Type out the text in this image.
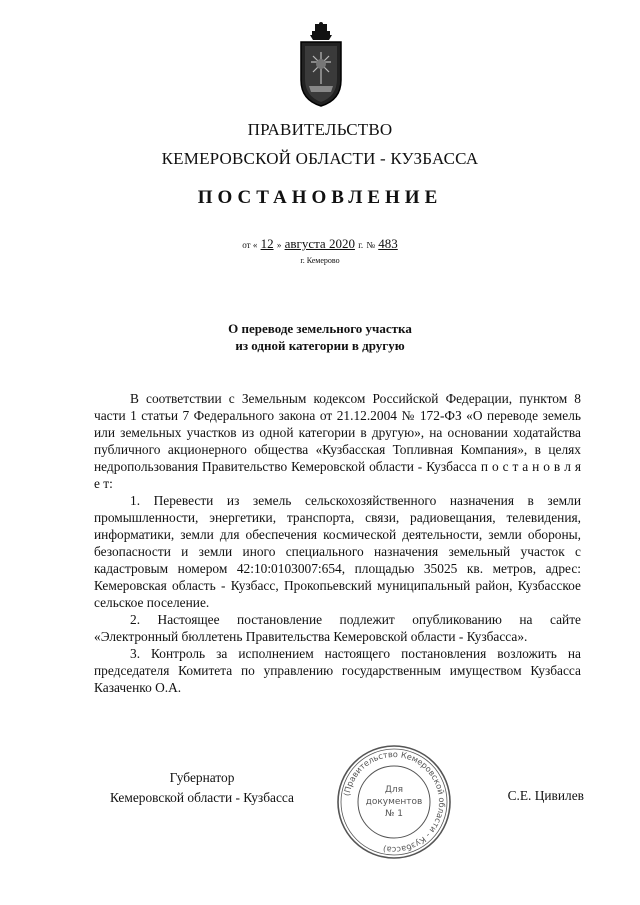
ПРАВИТЕЛЬСТВО
КЕМЕРОВСКОЙ ОБЛАСТИ - КУЗБАССА
ПОСТАНОВЛЕНИЕ
от « 12 » августа 2020 г. № 483
г. Кемерово
О переводе земельного участка
из одной категории в другую

В соответствии с Земельным кодексом Российской Федерации, пунктом 8 части 1 статьи 7 Федерального закона от 21.12.2004 № 172-ФЗ «О переводе земель или земельных участков из одной категории в другую», на основании ходатайства публичного акционерного общества «Кузбасская Топливная Компания», в целях недропользования Правительство Кемеровской области - Кузбасса п о с т а н о в л я е т:

1. Перевести из земель сельскохозяйственного назначения в земли промышленности, энергетики, транспорта, связи, радиовещания, телевидения, информатики, земли для обеспечения космической деятельности, земли обороны, безопасности и земли иного специального назначения земельный участок с кадастровым номером 42:10:0103007:654, площадью 35025 кв. метров, адрес: Кемеровская область - Кузбасс, Прокопьевский муниципальный район, Кузбасское сельское поселение.

2. Настоящее постановление подлежит опубликованию на сайте «Электронный бюллетень Правительства Кемеровской области - Кузбасса».

3. Контроль за исполнением настоящего постановления возложить на председателя Комитета по управлению государственным имуществом Кузбасса Казаченко О.А.

Губернатор
Кемеровской области - Кузбасса	С.Е. Цивилев
(Правительство Кемеровской области - Кузбасса)
Для
документов
№ 1
